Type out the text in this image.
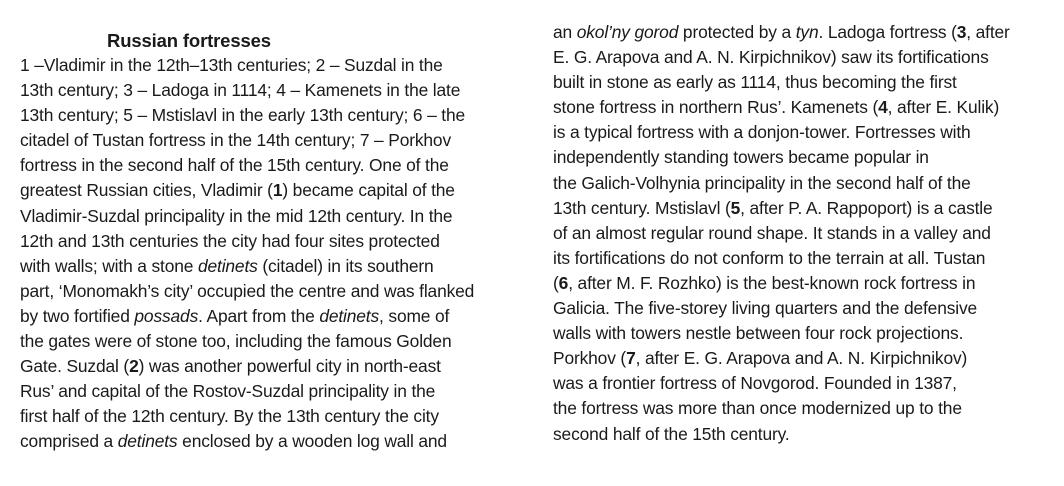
Russian fortresses
1 –Vladimir in the 12th–13th centuries; 2 – Suzdal in the
13th century; 3 – Ladoga in 1114; 4 – Kamenets in the late
13th century; 5 – Mstislavl in the early 13th century; 6 – the
citadel of Tustan fortress in the 14th century; 7 – Porkhov
fortress in the second half of the 15th century. One of the
greatest Russian cities, Vladimir (1) became capital of the
Vladimir-Suzdal principality in the mid 12th century. In the
12th and 13th centuries the city had four sites protected
with walls; with a stone detinets (citadel) in its southern
part, ‘Monomakh’s city’ occupied the centre and was flanked
by two fortified possads. Apart from the detinets, some of
the gates were of stone too, including the famous Golden
Gate. Suzdal (2) was another powerful city in north-east
Rus’ and capital of the Rostov-Suzdal principality in the
first half of the 12th century. By the 13th century the city
comprised a detinets enclosed by a wooden log wall and
an okol’ny gorod protected by a tyn. Ladoga fortress (3, after
E. G. Arapova and A. N. Kirpichnikov) saw its fortifications
built in stone as early as 1114, thus becoming the first
stone fortress in northern Rus’. Kamenets (4, after E. Kulik)
is a typical fortress with a donjon-tower. Fortresses with
independently standing towers became popular in
the Galich-Volhynia principality in the second half of the
13th century. Mstislavl (5, after P. A. Rappoport) is a castle
of an almost regular round shape. It stands in a valley and
its fortifications do not conform to the terrain at all. Tustan
(6, after M. F. Rozhko) is the best-known rock fortress in
Galicia. The five-storey living quarters and the defensive
walls with towers nestle between four rock projections.
Porkhov (7, after E. G. Arapova and A. N. Kirpichnikov)
was a frontier fortress of Novgorod. Founded in 1387,
the fortress was more than once modernized up to the
second half of the 15th century.
